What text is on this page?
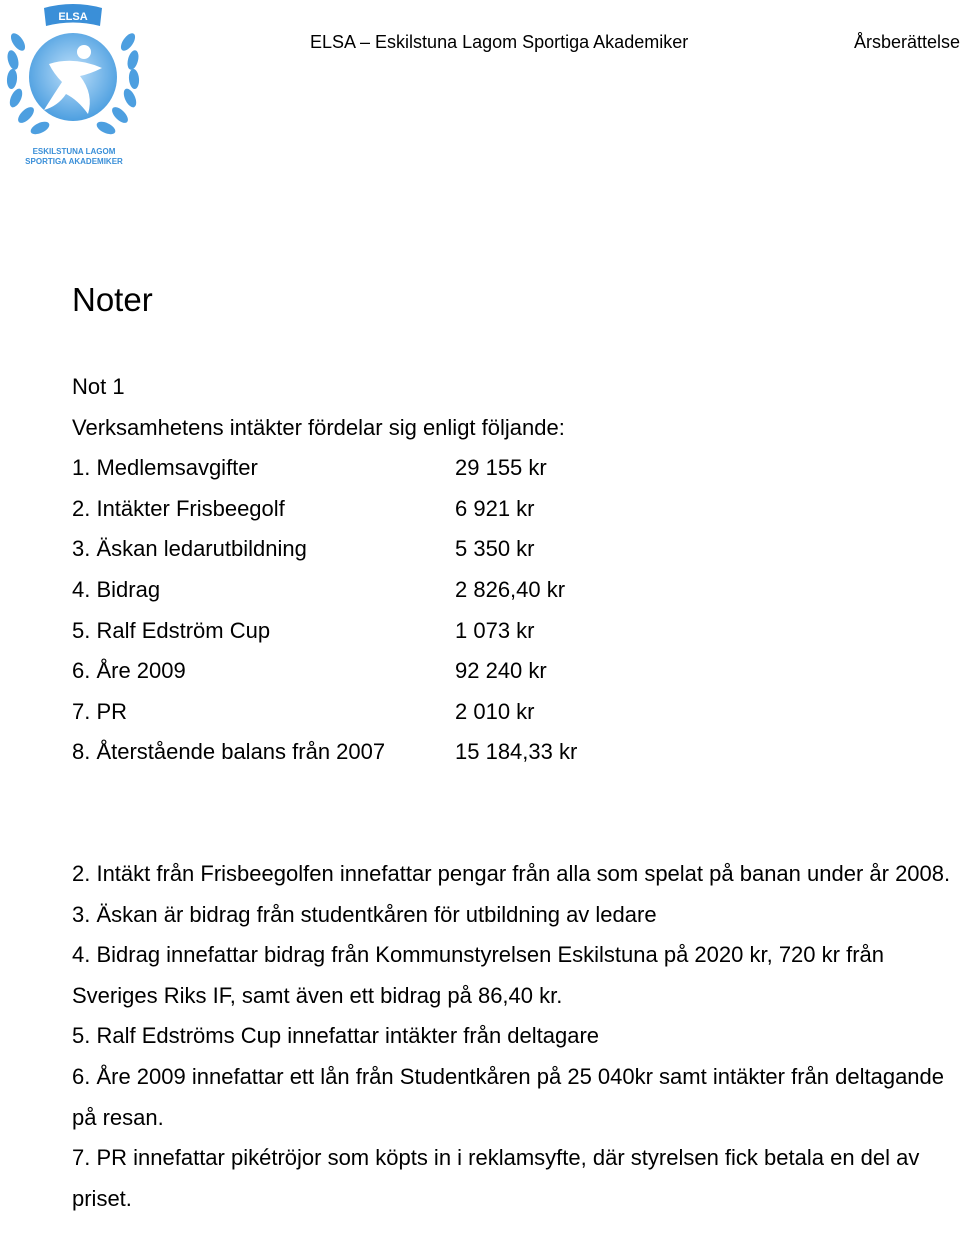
ELSA
ESKILSTUNA LAGOM
SPORTIGA AKADEMIKER
ELSA – Eskilstuna Lagom Sportiga Akademiker	Årsberättelse
Noter
Not 1
Verksamhetens intäkter fördelar sig enligt följande:
1. Medlemsavgifter	29 155 kr
2. Intäkter Frisbeegolf	6 921 kr
3. Äskan ledarutbildning	5 350 kr
4. Bidrag	2 826,40 kr
5. Ralf Edström Cup	1 073 kr
6. Åre 2009	92 240 kr
7. PR	2 010 kr
8. Återstående balans från 2007	15 184,33 kr

2. Intäkt från Frisbeegolfen innefattar pengar från alla som spelat på banan under år 2008.

3. Äskan är bidrag från studentkåren för utbildning av ledare

4. Bidrag innefattar bidrag från Kommunstyrelsen Eskilstuna på 2020 kr, 720 kr från Sveriges Riks IF, samt även ett bidrag på 86,40 kr.

5. Ralf Edströms Cup innefattar intäkter från deltagare

6. Åre 2009 innefattar ett lån från Studentkåren på 25 040kr samt intäkter från deltagande på resan.

7. PR innefattar pikétröjor som köpts in i reklamsyfte, där styrelsen fick betala en del av priset.
